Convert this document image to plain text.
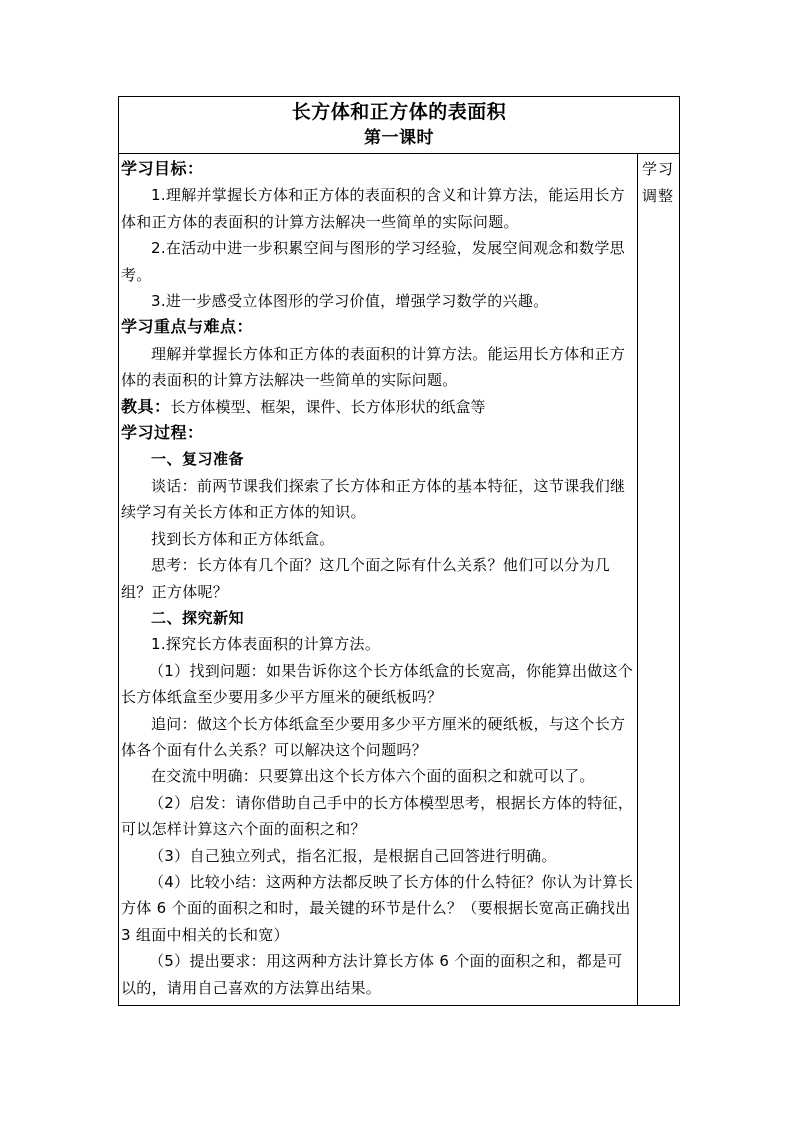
长方体和正方体的表面积
第一课时

学习目标：

1.理解并掌握长方体和正方体的表面积的含义和计算方法，能运用长方体和正方体的表面积的计算方法解决一些简单的实际问题。

2.在活动中进一步积累空间与图形的学习经验，发展空间观念和数学思考。

3.进一步感受立体图形的学习价值，增强学习数学的兴趣。

学习重点与难点：

理解并掌握长方体和正方体的表面积的计算方法。能运用长方体和正方体的表面积的计算方法解决一些简单的实际问题。

教具：长方体模型、框架，课件、长方体形状的纸盒等

学习过程：

一、复习准备

谈话：前两节课我们探索了长方体和正方体的基本特征，这节课我们继续学习有关长方体和正方体的知识。

找到长方体和正方体纸盒。

思考：长方体有几个面？这几个面之际有什么关系？他们可以分为几组？正方体呢？

二、探究新知

1.探究长方体表面积的计算方法。

（1）找到问题：如果告诉你这个长方体纸盒的长宽高，你能算出做这个长方体纸盒至少要用多少平方厘米的硬纸板吗？

追问：做这个长方体纸盒至少要用多少平方厘米的硬纸板，与这个长方体各个面有什么关系？可以解决这个问题吗？

在交流中明确：只要算出这个长方体六个面的面积之和就可以了。

（2）启发：请你借助自己手中的长方体模型思考，根据长方体的特征，可以怎样计算这六个面的面积之和？

（3）自己独立列式，指名汇报，是根据自己回答进行明确。

（4）比较小结：这两种方法都反映了长方体的什么特征？你认为计算长方体 6 个面的面积之和时，最关键的环节是什么？（要根据长宽高正确找出 3 组面中相关的长和宽）

（5）提出要求：用这两种方法计算长方体 6 个面的面积之和，都是可以的，请用自己喜欢的方法算出结果。

学习调整
